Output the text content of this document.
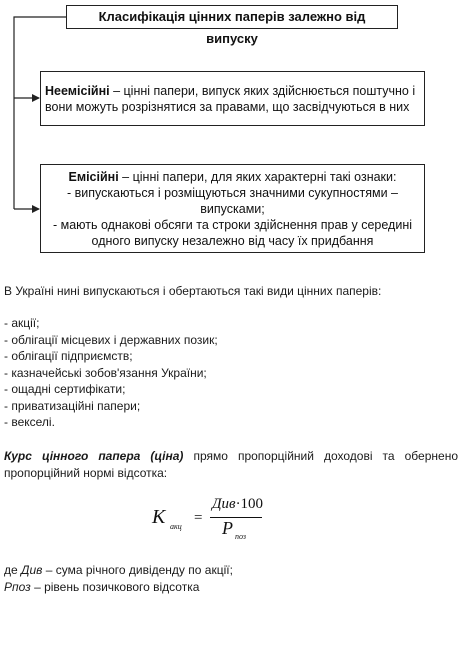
Класифікація цінних паперів залежно від випуску
Неемісійні – цінні папери, випуск яких здійснюється поштучно і
вони можуть розрізнятися за правами, що засвідчуються в них
Емісійні – цінні папери, для яких характерні такі ознаки:
- випускаються і розміщуються значними сукупностями –
випусками;
- мають однакові обсяги та строки здійснення прав у середині
одного випуску незалежно від часу їх придбання
В Україні нині випускаються і обертаються такі види цінних паперів:
- акції;
- облігації місцевих і державних позик;
- облігації підприємств;
- казначейські зобов'язання України;
- ощадні сертифікати;
- приватизаційні папери;
- векселі.
Курс цінного папера (ціна) прямо пропорційний доходові та обернено пропорційний нормі відсотка:
К акц
=
Див·100
Р поз
де Див – сума річного дивіденду по акції;
Рпоз – рівень позичкового відсотка
